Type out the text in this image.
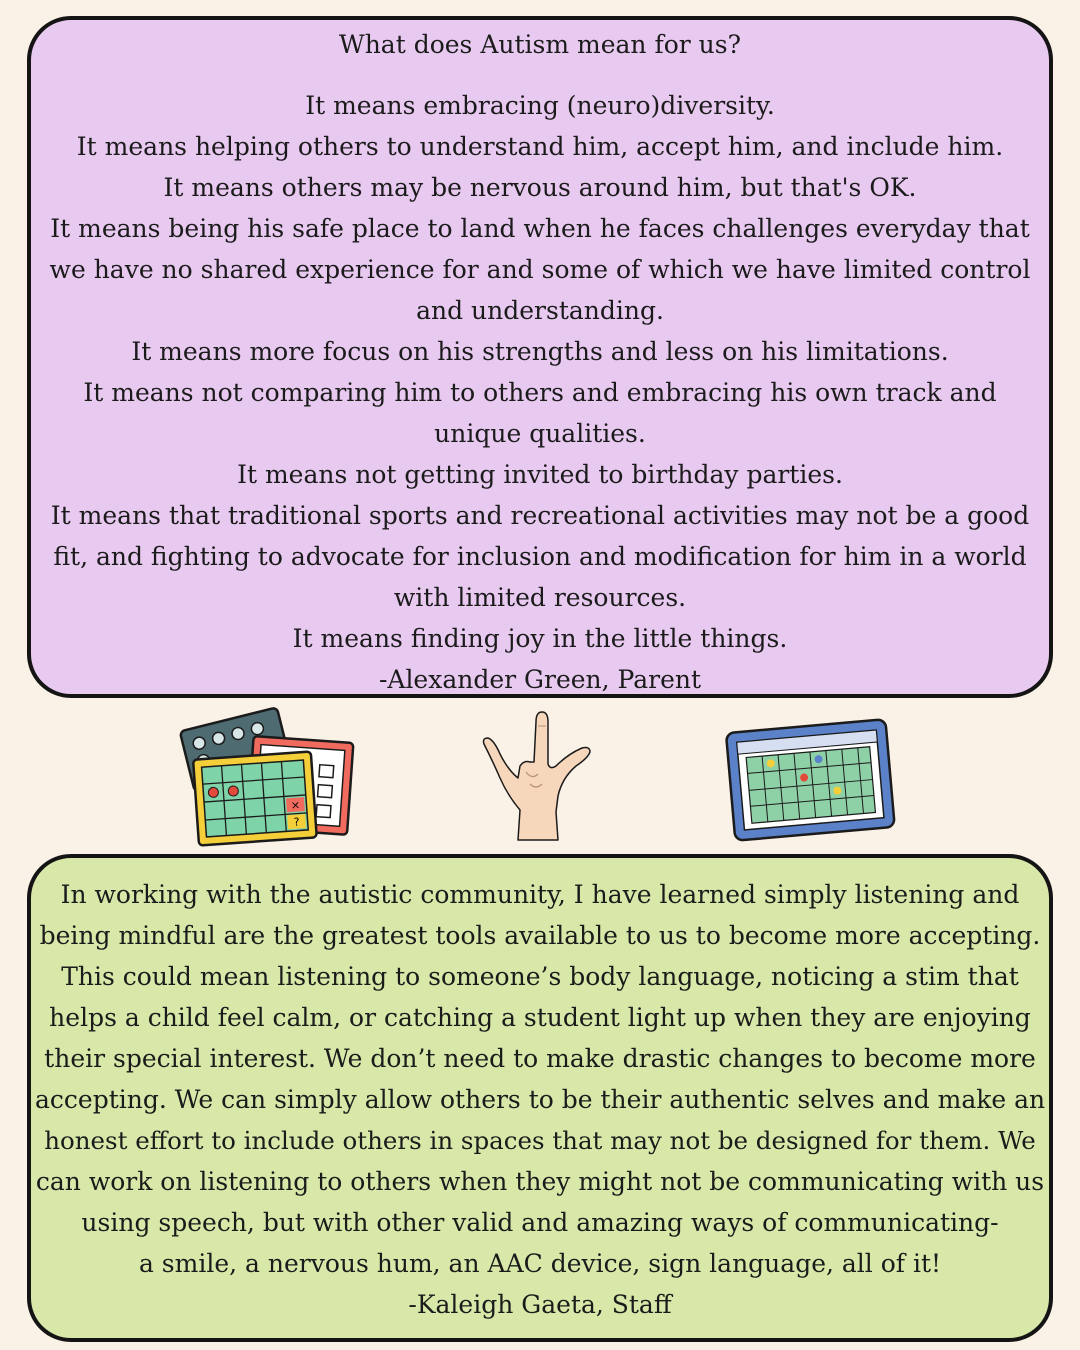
What does Autism mean for us?

It means embracing (neuro)diversity.

It means helping others to understand him, accept him, and include him.

It means others may be nervous around him, but that's OK.

It means being his safe place to land when he faces challenges everyday that

we have no shared experience for and some of which we have limited control

and understanding.

It means more focus on his strengths and less on his limitations.

It means not comparing him to others and embracing his own track and

unique qualities.

It means not getting invited to birthday parties.

It means that traditional sports and recreational activities may not be a good

fit, and fighting to advocate for inclusion and modification for him in a world

with limited resources.

It means finding joy in the little things.

-Alexander Green, Parent

×
?

In working with the autistic community, I have learned simply listening and

being mindful are the greatest tools available to us to become more accepting.

This could mean listening to someone’s body language, noticing a stim that

helps a child feel calm, or catching a student light up when they are enjoying

their special interest. We don’t need to make drastic changes to become more

accepting. We can simply allow others to be their authentic selves and make an

honest effort to include others in spaces that may not be designed for them. We

can work on listening to others when they might not be communicating with us

using speech, but with other valid and amazing ways of communicating-

a smile, a nervous hum, an AAC device, sign language, all of it!

-Kaleigh Gaeta, Staff
